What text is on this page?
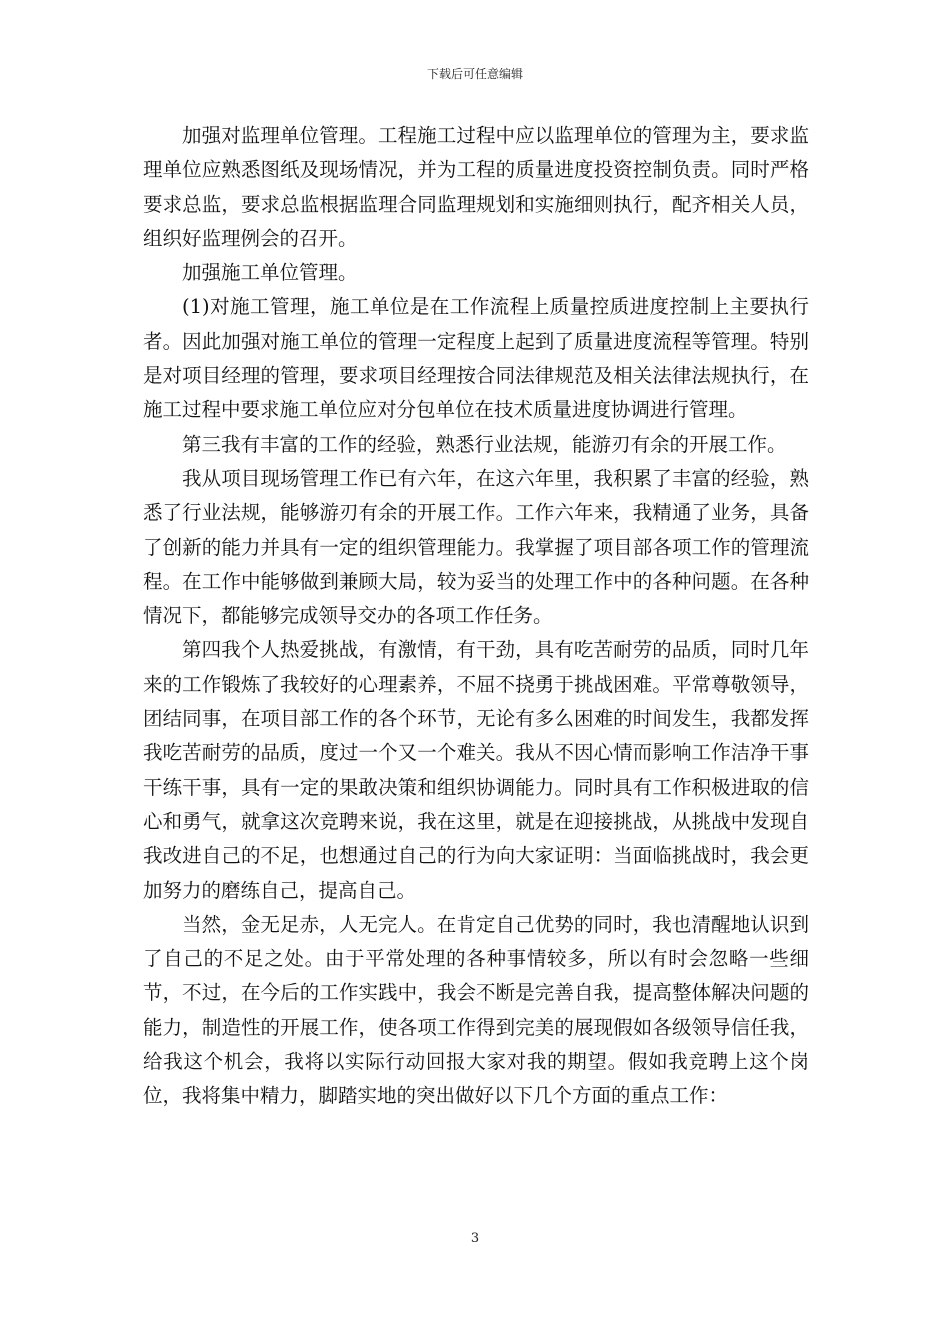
下载后可任意编辑

加强对监理单位管理。工程施工过程中应以监理单位的管理为主，要求监理单位应熟悉图纸及现场情况，并为工程的质量进度投资控制负责。同时严格要求总监，要求总监根据监理合同监理规划和实施细则执行，配齐相关人员，组织好监理例会的召开。

加强施工单位管理。

(1)对施工管理，施工单位是在工作流程上质量控质进度控制上主要执行者。因此加强对施工单位的管理一定程度上起到了质量进度流程等管理。特别是对项目经理的管理，要求项目经理按合同法律规范及相关法律法规执行，在施工过程中要求施工单位应对分包单位在技术质量进度协调进行管理。

第三我有丰富的工作的经验，熟悉行业法规，能游刃有余的开展工作。

我从项目现场管理工作已有六年，在这六年里，我积累了丰富的经验，熟悉了行业法规，能够游刃有余的开展工作。工作六年来，我精通了业务，具备了创新的能力并具有一定的组织管理能力。我掌握了项目部各项工作的管理流程。在工作中能够做到兼顾大局，较为妥当的处理工作中的各种问题。在各种情况下，都能够完成领导交办的各项工作任务。

第四我个人热爱挑战，有激情，有干劲，具有吃苦耐劳的品质，同时几年来的工作锻炼了我较好的心理素养，不屈不挠勇于挑战困难。平常尊敬领导，团结同事，在项目部工作的各个环节，无论有多么困难的时间发生，我都发挥我吃苦耐劳的品质，度过一个又一个难关。我从不因心情而影响工作洁净干事干练干事，具有一定的果敢决策和组织协调能力。同时具有工作积极进取的信心和勇气，就拿这次竞聘来说，我在这里，就是在迎接挑战，从挑战中发现自我改进自己的不足，也想通过自己的行为向大家证明：当面临挑战时，我会更加努力的磨练自己，提高自己。

当然，金无足赤，人无完人。在肯定自己优势的同时，我也清醒地认识到了自己的不足之处。由于平常处理的各种事情较多，所以有时会忽略一些细节，不过，在今后的工作实践中，我会不断是完善自我，提高整体解决问题的能力，制造性的开展工作，使各项工作得到完美的展现假如各级领导信任我，给我这个机会，我将以实际行动回报大家对我的期望。假如我竞聘上这个岗位，我将集中精力，脚踏实地的突出做好以下几个方面的重点工作：

3
